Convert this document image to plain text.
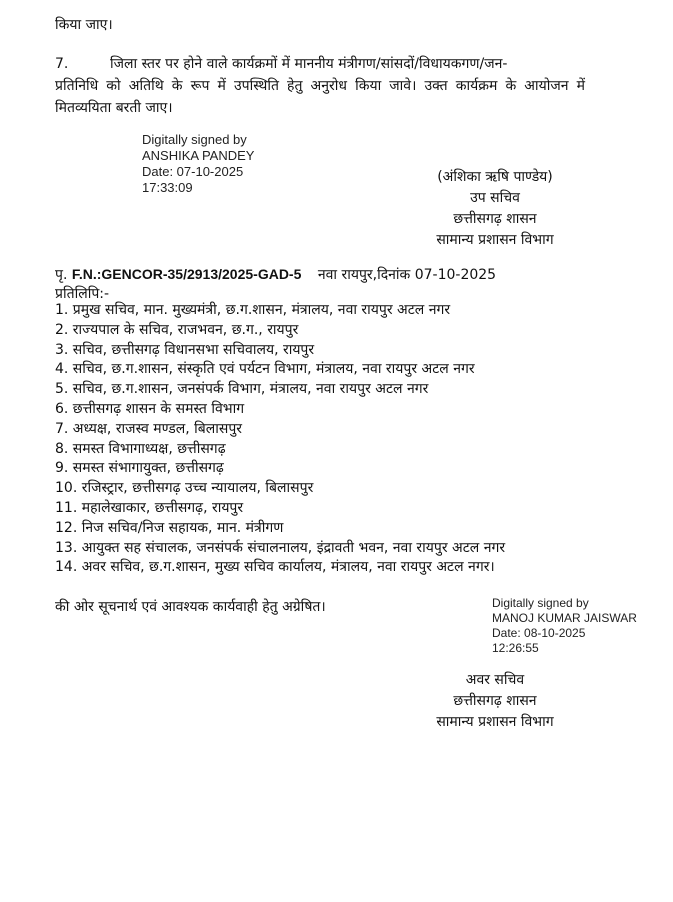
किया जाए।
7.	जिला स्तर पर होने वाले कार्यक्रमों में माननीय मंत्रीगण/सांसदों/विधायकगण/जन-
प्रतिनिधि को अतिथि के रूप में उपस्थिति हेतु अनुरोध किया जावे। उक्त कार्यक्रम के आयोजन में मितव्ययिता बरती जाए।
Digitally signed by
ANSHIKA PANDEY
Date: 07-10-2025
17:33:09
(अंशिका ऋषि पाण्डेय)
उप सचिव
छत्तीसगढ़ शासन
सामान्य प्रशासन विभाग
पृ. F.N.:GENCOR-35/2913/2025-GAD-5 नवा रायपुर,दिनांक 07-10-2025
प्रतिलिपि:-
1. प्रमुख सचिव, मान. मुख्यमंत्री, छ.ग.शासन, मंत्रालय, नवा रायपुर अटल नगर
2. राज्यपाल के सचिव, राजभवन, छ.ग., रायपुर
3. सचिव, छत्तीसगढ़ विधानसभा सचिवालय, रायपुर
4. सचिव, छ.ग.शासन, संस्कृति एवं पर्यटन विभाग, मंत्रालय, नवा रायपुर अटल नगर
5. सचिव, छ.ग.शासन, जनसंपर्क विभाग, मंत्रालय, नवा रायपुर अटल नगर
6. छत्तीसगढ़ शासन के समस्त विभाग
7. अध्यक्ष, राजस्व मण्डल, बिलासपुर
8. समस्त विभागाध्यक्ष, छत्तीसगढ़
9. समस्त संभागायुक्त, छत्तीसगढ़
10. रजिस्ट्रार, छत्तीसगढ़ उच्च न्यायालय, बिलासपुर
11. महालेखाकार, छत्तीसगढ़, रायपुर
12. निज सचिव/निज सहायक, मान. मंत्रीगण
13. आयुक्त सह संचालक, जनसंपर्क संचालनालय, इंद्रावती भवन, नवा रायपुर अटल नगर
14. अवर सचिव, छ.ग.शासन, मुख्य सचिव कार्यालय, मंत्रालय, नवा रायपुर अटल नगर।
की ओर सूचनार्थ एवं आवश्यक कार्यवाही हेतु अग्रेषित।	Digitally signed by
MANOJ KUMAR JAISWAR
Date: 08-10-2025
12:26:55
अवर सचिव
छत्तीसगढ़ शासन
सामान्य प्रशासन विभाग
